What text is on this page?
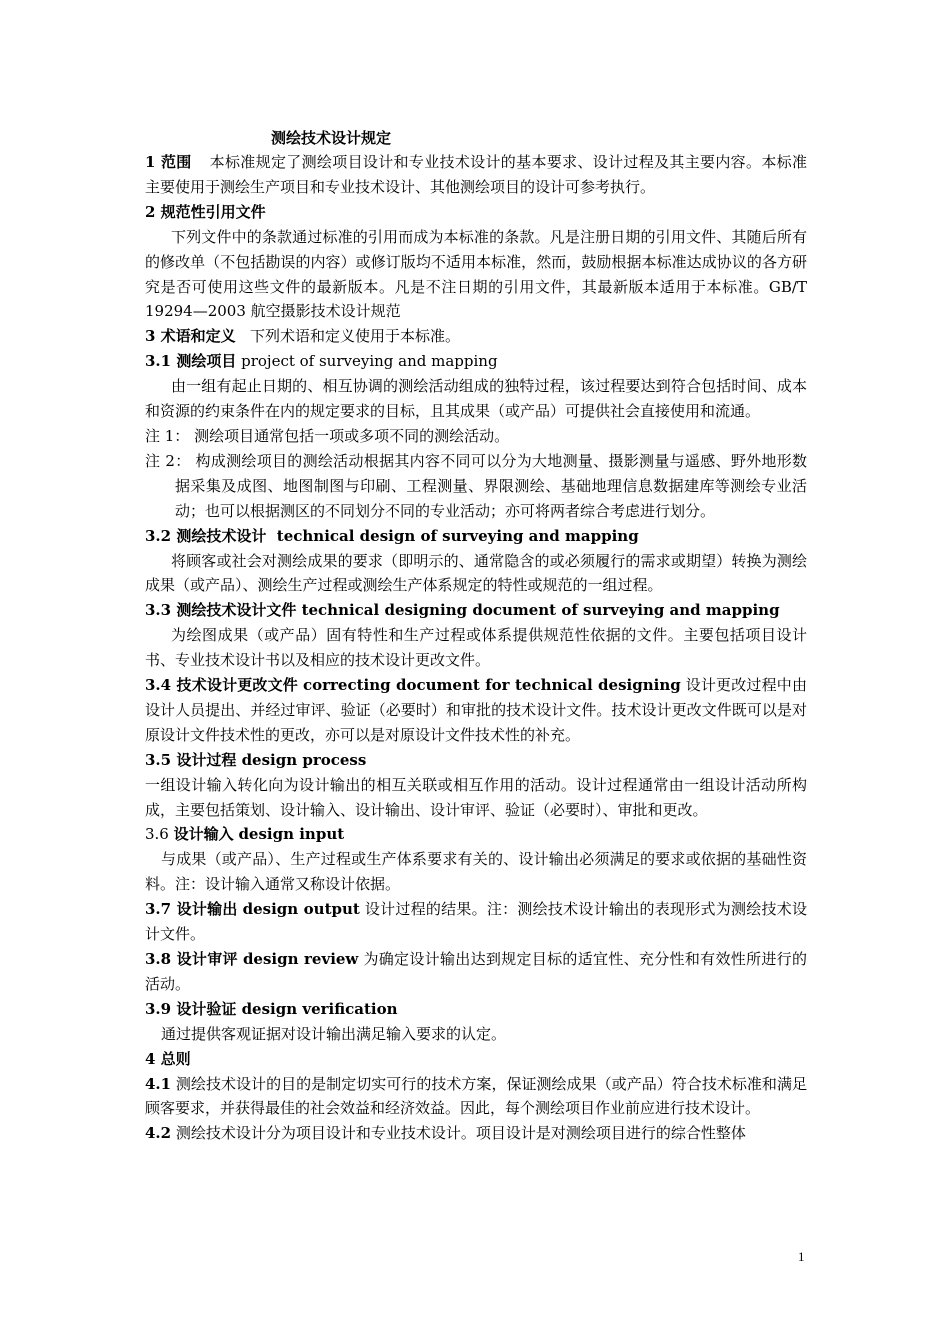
测绘技术设计规定

1 范围 本标准规定了测绘项目设计和专业技术设计的基本要求、设计过程及其主要内容。本标准主要使用于测绘生产项目和专业技术设计、其他测绘项目的设计可参考执行。

2 规范性引用文件

下列文件中的条款通过标准的引用而成为本标准的条款。凡是注册日期的引用文件、其随后所有的修改单（不包括勘误的内容）或修订版均不适用本标准，然而，鼓励根据本标准达成协议的各方研究是否可使用这些文件的最新版本。凡是不注日期的引用文件，其最新版本适用于本标准。GB/T 19294—2003 航空摄影技术设计规范

3 术语和定义 下列术语和定义使用于本标准。

3.1 测绘项目 project of surveying and mapping

由一组有起止日期的、相互协调的测绘活动组成的独特过程，该过程要达到符合包括时间、成本和资源的约束条件在内的规定要求的目标，且其成果（或产品）可提供社会直接使用和流通。

注 1： 测绘项目通常包括一项或多项不同的测绘活动。

注 2： 构成测绘项目的测绘活动根据其内容不同可以分为大地测量、摄影测量与遥感、野外地形数据采集及成图、地图制图与印刷、工程测量、界限测绘、基础地理信息数据建库等测绘专业活动；也可以根据测区的不同划分不同的专业活动；亦可将两者综合考虑进行划分。

3.2 测绘技术设计 technical design of surveying and mapping

将顾客或社会对测绘成果的要求（即明示的、通常隐含的或必须履行的需求或期望）转换为测绘成果（或产品）、测绘生产过程或测绘生产体系规定的特性或规范的一组过程。

3.3 测绘技术设计文件 technical designing document of surveying and mapping

为绘图成果（或产品）固有特性和生产过程或体系提供规范性依据的文件。主要包括项目设计书、专业技术设计书以及相应的技术设计更改文件。

3.4 技术设计更改文件 correcting document for technical designing 设计更改过程中由设计人员提出、并经过审评、验证（必要时）和审批的技术设计文件。技术设计更改文件既可以是对原设计文件技术性的更改，亦可以是对原设计文件技术性的补充。

3.5 设计过程 design process

一组设计输入转化向为设计输出的相互关联或相互作用的活动。设计过程通常由一组设计活动所构成，主要包括策划、设计输入、设计输出、设计审评、验证（必要时）、审批和更改。

3.6 设计输入 design input

与成果（或产品）、生产过程或生产体系要求有关的、设计输出必须满足的要求或依据的基础性资料。注：设计输入通常又称设计依据。

3.7 设计输出 design output 设计过程的结果。注：测绘技术设计输出的表现形式为测绘技术设计文件。

3.8 设计审评 design review 为确定设计输出达到规定目标的适宜性、充分性和有效性所进行的活动。

3.9 设计验证 design verification

通过提供客观证据对设计输出满足输入要求的认定。

4 总则

4.1 测绘技术设计的目的是制定切实可行的技术方案，保证测绘成果（或产品）符合技术标准和满足顾客要求，并获得最佳的社会效益和经济效益。因此，每个测绘项目作业前应进行技术设计。

4.2 测绘技术设计分为项目设计和专业技术设计。项目设计是对测绘项目进行的综合性整体

1
